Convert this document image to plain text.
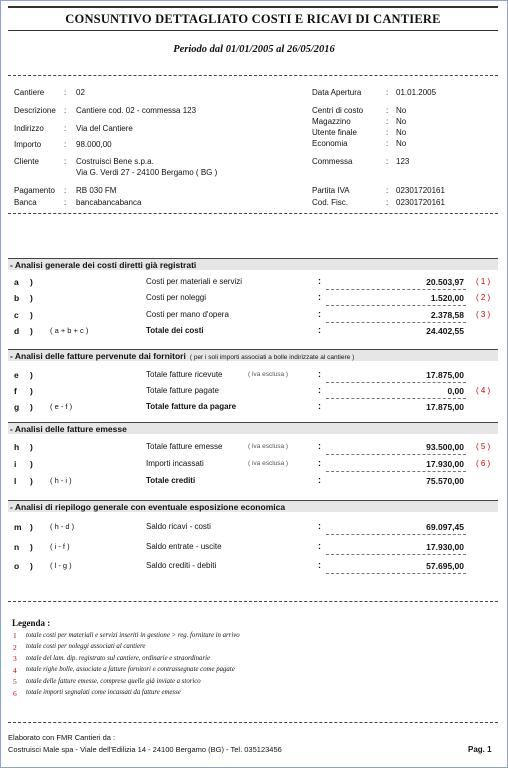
CONSUNTIVO DETTAGLIATO COSTI E RICAVI DI CANTIERE
Periodo dal 01/01/2005 al 26/05/2016
Cantiere : 02
Descrizione : Cantiere cod. 02 - commessa 123
Indirizzo	: Via del Cantiere
Importo	: 98.000,00
Cliente	: Costruisci Bene s.p.a.
Via G. Verdi 27 - 24100 Bergamo ( BG )
Pagamento : RB 030 FM
Banca	: bancabancabanca
Data Apertura	: 01.01.2005
Centri di costo	: No
Magazzino	: No
Utente finale	: No
Economia	: No
Commessa	: 123
Partita IVA	: 02301720161
Cod. Fisc.	: 02301720161
- Analisi generale dei costi diretti già registrati
a )	Costi per materiali e servizi	:	20.503,97 ( 1 )
b )	Costi per noleggi	:	1.520,00 ( 2 )
c )	Costi per mano d'opera	:	2.378,58 ( 3 )
d ) ( a + b + c )	Totale dei costi	:	24.402,55
- Analisi delle fatture pervenute dai fornitori ( per i soli importi associati a bolle indirizzate al cantiere )
e )	Totale fatture ricevute	( iva esclusa )	:	17.875,00
f )	Totale fatture pagate	:	0,00 ( 4 )
g ) ( e - f )	Totale fatture da pagare	:	17.875,00
- Analisi delle fatture emesse
h )	Totale fatture emesse	( iva esclusa )	:	93.500,00 ( 5 )
i )	Importi incassati	( iva esclusa )	:	17.930,00 ( 6 )
l ) ( h - i )	Totale crediti	:	75.570,00
- Analisi di riepilogo generale con eventuale esposizione economica
m ) ( h - d )	Saldo ricavi - costi	:	69.097,45
n ) ( i - f )	Saldo entrate - uscite	:	17.930,00
o ) ( l - g )	Saldo crediti - debiti	:	57.695,00
Legenda :
1 totale costi per materiali e servizi inseriti in gestione > reg. forniture in arrivo
2 totale costi per noleggi associati al cantiere
3 totale del lam. dip. registrato sul cantiere, ordinarie e straordinarie
4 totale righe bolle, associate a fatture fornitori e contrassegnate come pagate
5 totale delle fatture emesse, comprese quelle già inviate a storico
6 totale importi segnalati come incassati da fatture emesse
Elaborato con FMR Cantieri da :
Costruisci Male spa - Viale dell'Edilizia 14 - 24100 Bergamo (BG) - Tel. 035123456	Pag. 1
